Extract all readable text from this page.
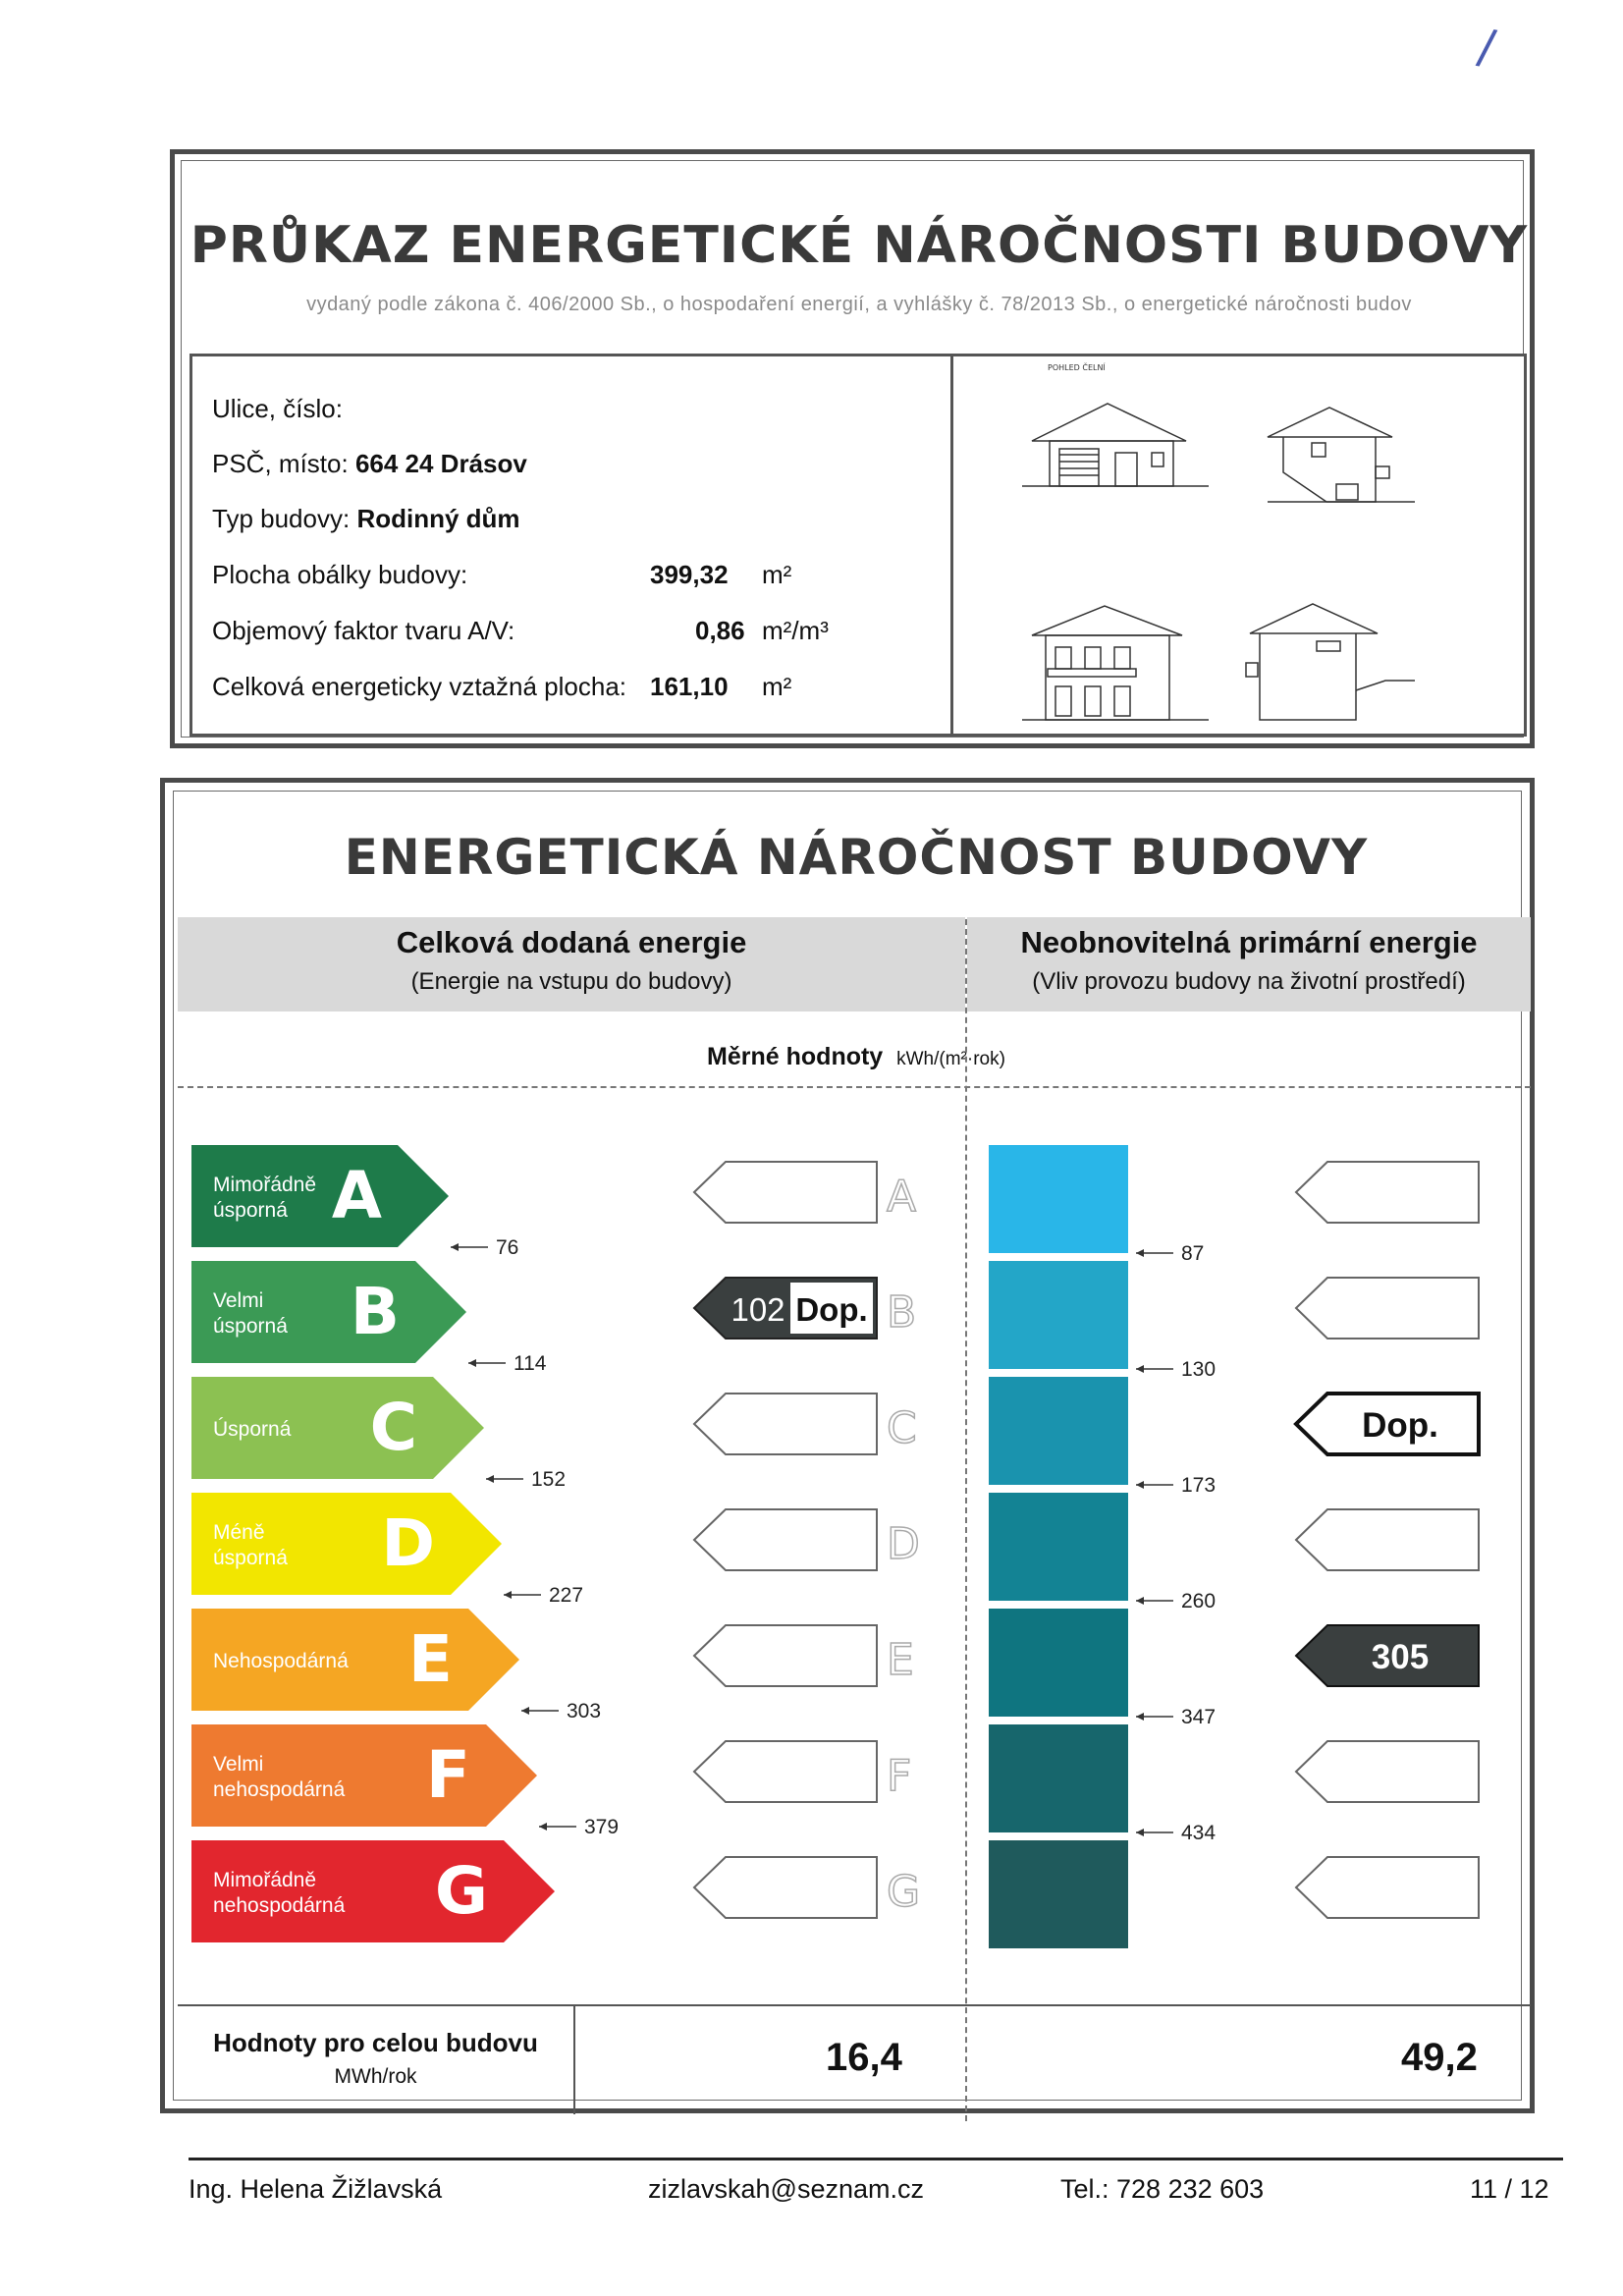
/
PRŮKAZ ENERGETICKÉ NÁROČNOSTI BUDOVY
vydaný podle zákona č. 406/2000 Sb., o hospodaření energií, a vyhlášky č. 78/2013 Sb., o energetické náročnosti budov
Ulice, číslo:
PSČ, místo: 664 24 Drásov
Typ budovy: Rodinný dům
Plocha obálky budovy:	399,32 m²
Objemový faktor tvaru A/V:	0,86 m²/m³
Celková energeticky vztažná plocha: 161,10 m²
POHLED ČELNÍ
ENERGETICKÁ NÁROČNOST BUDOVY
Celková dodaná energie
(Energie na vstupu do budovy)
Neobnovitelná primární energie
(Vliv provozu budovy na životní prostředí)
Měrné hodnoty kWh/(m²·rok)
Mimořádně úsporná A	A
Velmi úsporná B	102 Dop. B
Úsporná C	C	Dop.
Méně úsporná D	D
Nehospodárná E	E	305
Velmi nehospodárná F	F
Mimořádně nehospodárná G	G
76
114
152
227
303
379
87
130
173
260
347
434
Hodnoty pro celou budovu
MWh/rok	16,4	49,2
Ing. Helena Žižlavská	zizlavskah@seznam.cz	Tel.: 728 232 603	11 / 12
